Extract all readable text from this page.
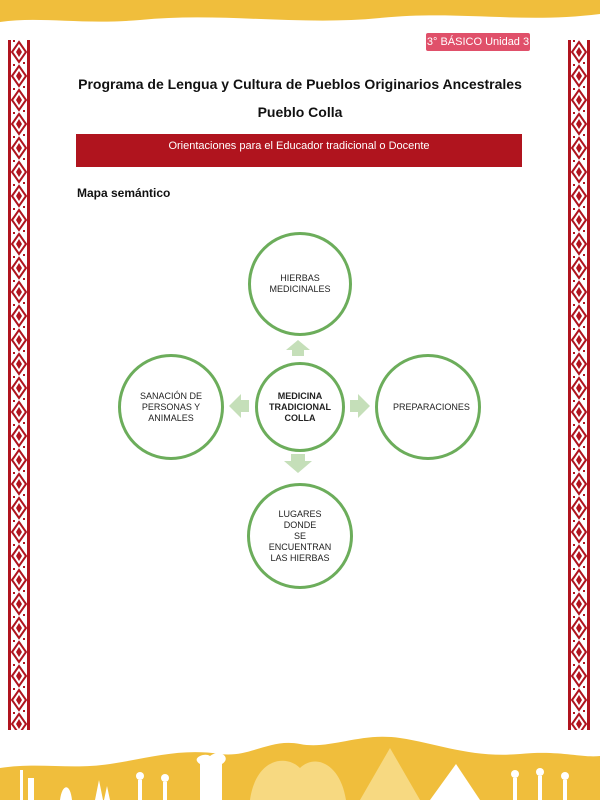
3° BÁSICO Unidad 3
Programa de Lengua y Cultura de Pueblos Originarios Ancestrales
Pueblo Colla
Orientaciones para el Educador tradicional o Docente
Mapa semántico
HIERBAS
MEDICINALES
MEDICINA
TRADICIONAL
COLLA
PREPARACIONES
SANACIÓN DE
PERSONAS Y
ANIMALES
LUGARES DONDE
SE ENCUENTRAN
LAS HIERBAS
